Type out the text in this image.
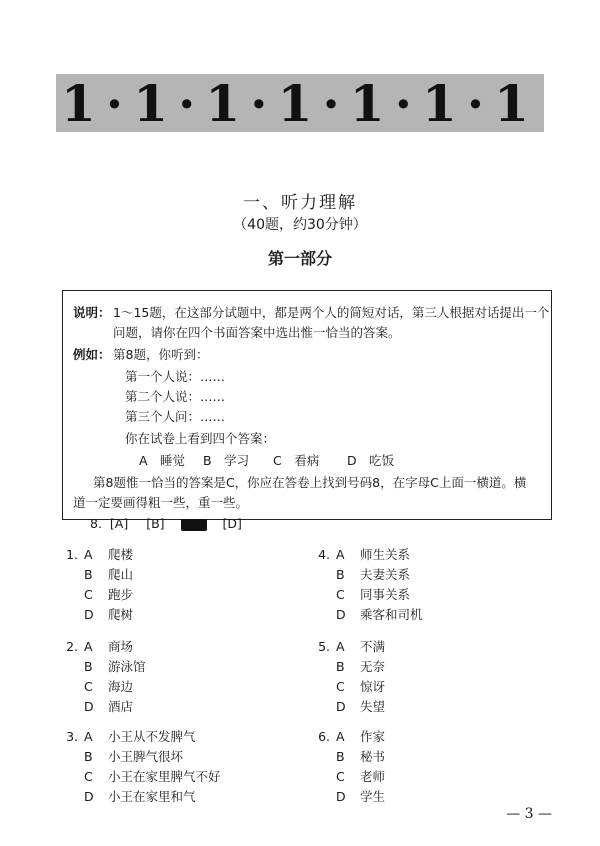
1·1·1·1·1·1·1
一、听力理解
（40题，约30分钟）
第一部分
说明： 1～15题，在这部分试题中，都是两个人的简短对话，第三人根据对话提出一个
问题，请你在四个书面答案中选出惟一恰当的答案。
例如： 第8题，你听到：
第一个人说：……
第二个人说：……
第三个人问：……
你在试卷上看到四个答案：
A　睡觉 B　学习 C　看病 D　吃饭
第8题惟一恰当的答案是C，你应在答卷上找到号码8，在字母C上面一横道。横
道一定要画得粗一些，重一些。
8. [A] [B]	[D]
1. A 爬楼
B 爬山
C 跑步
D 爬树
2. A 商场
B 游泳馆
C 海边
D 酒店
3. A 小王从不发脾气
B 小王脾气很坏
C 小王在家里脾气不好
D 小王在家里和气
4. A 师生关系
B 夫妻关系
C 同事关系
D 乘客和司机
5. A 不满
B 无奈
C 惊讶
D 失望
6. A 作家
B 秘书
C 老师
D 学生
— 3 —
